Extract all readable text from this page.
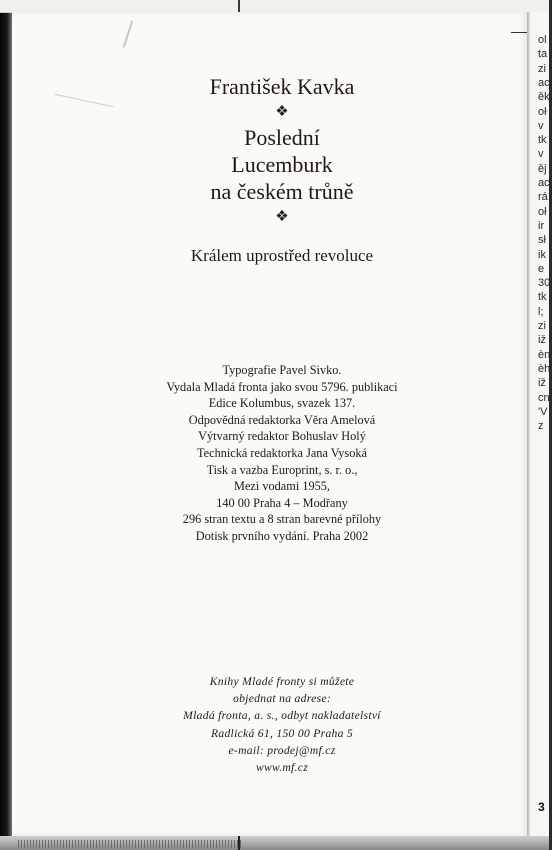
František Kavka
❖
Poslední
Lucemburk
na českém trůně
❖
Králem uprostřed revoluce
Typografie Pavel Sivko.
Vydala Mladá fronta jako svou 5796. publikaci
Edice Kolumbus, svazek 137.
Odpovědná redaktorka Věra Amelová
Výtvarný redaktor Bohuslav Holý
Technická redaktorka Jana Vysoká
Tisk a vazba Europrint, s. r. o.,
Mezi vodami 1955,
140 00 Praha 4 – Modřany
296 stran textu a 8 stran barevné přílohy
Dotisk prvního vydání. Praha 2002
Knihy Mladé fronty si můžete
objednat na adrese:
Mladá fronta, a. s., odbyt nakladatelství
Radlická 61, 150 00 Praha 5
e-mail: prodej@mf.cz
www.mf.cz
3
ol
ta
zi
ac
ěk
oł
v
tk
v
ěj
ac
rá
oł
ir
sł
ik
e
30
tk
l;
zi
iž
èn
èh
iž
cn
'V
z
